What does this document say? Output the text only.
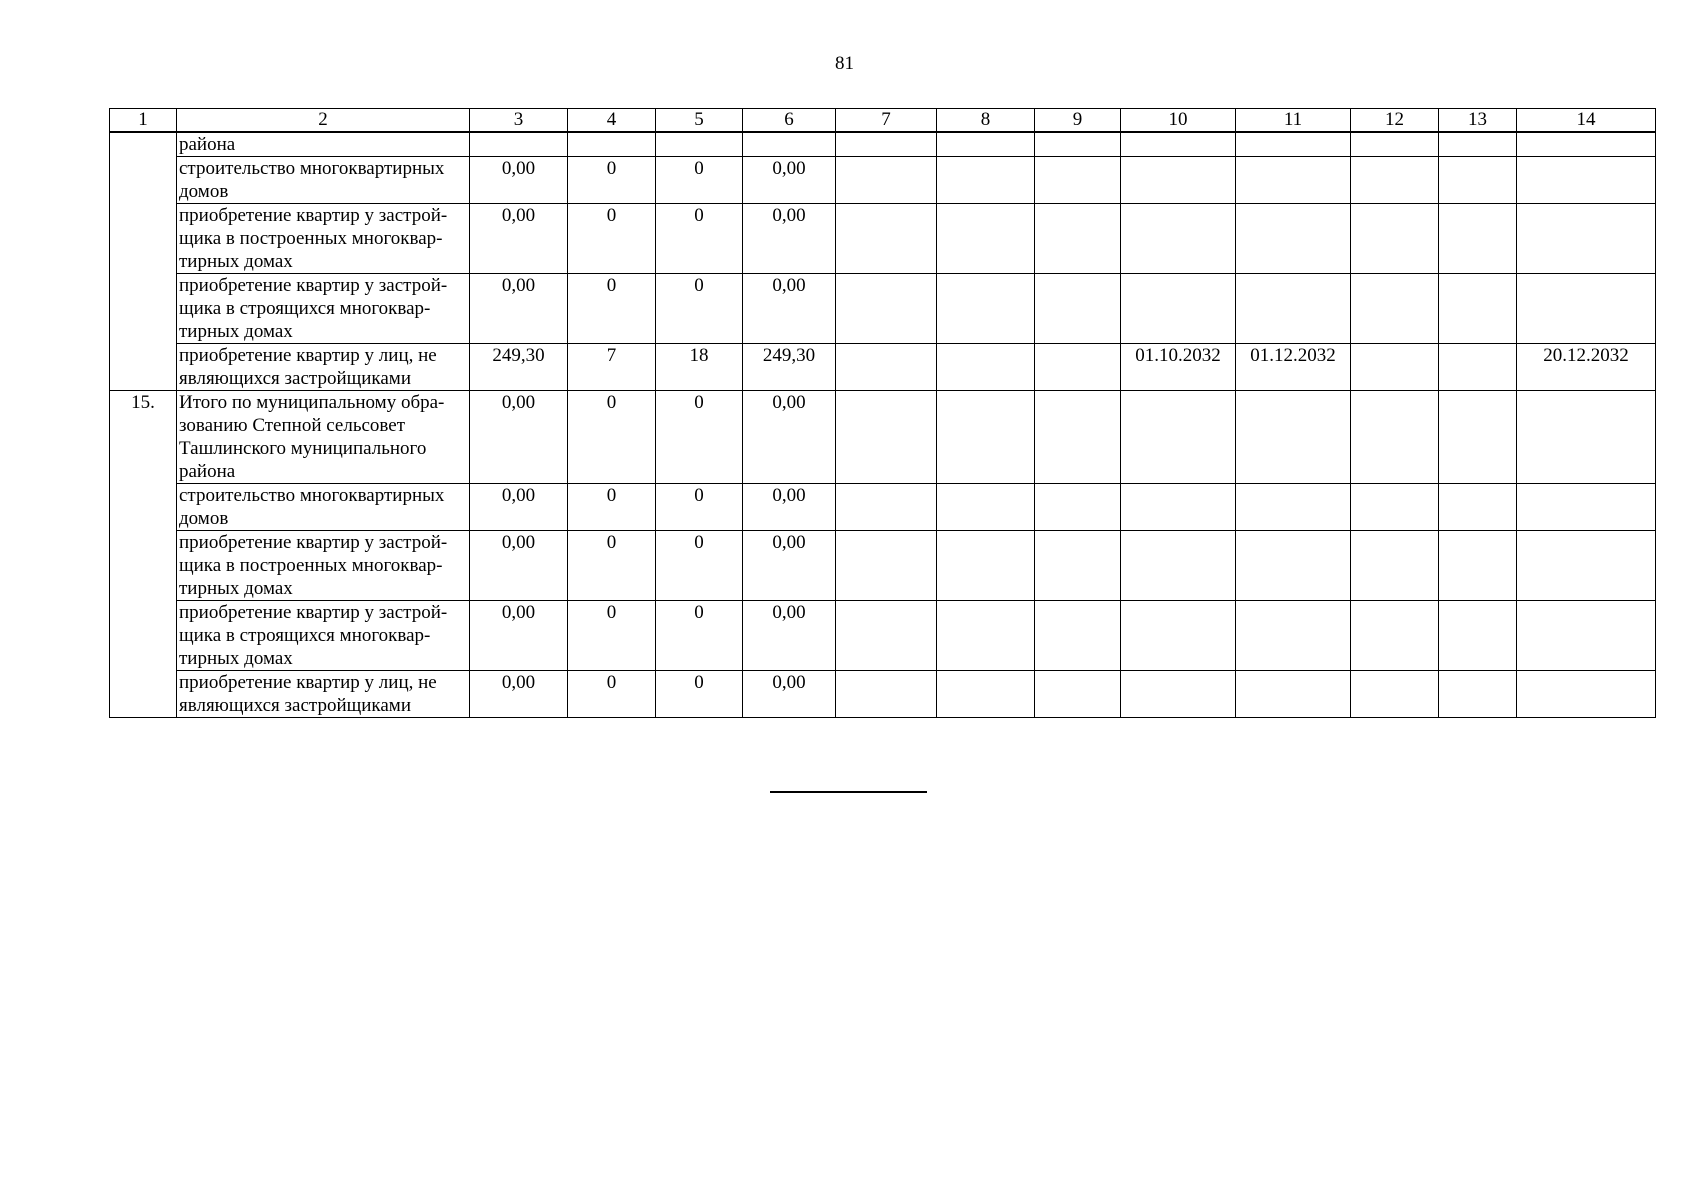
81
1	2	3	4	5	6	7	8	9	10	11	12	13	14
	района												
	строительство многоквартирных домов	0,00	0	0	0,00								
	приобретение квартир у застрой-щика в построенных многоквар-тирных домах	0,00	0	0	0,00								
	приобретение квартир у застрой-щика в строящихся многоквар-тирных домах	0,00	0	0	0,00								
	приобретение квартир у лиц, не являющихся застройщиками	249,30	7	18	249,30				01.10.2032	01.12.2032			20.12.2032
15.	Итого по муниципальному обра-зованию Степной сельсовет Ташлинского муниципального района	0,00	0	0	0,00								
	строительство многоквартирных домов	0,00	0	0	0,00								
	приобретение квартир у застрой-щика в построенных многоквар-тирных домах	0,00	0	0	0,00								
	приобретение квартир у застрой-щика в строящихся многоквар-тирных домах	0,00	0	0	0,00								
	приобретение квартир у лиц, не являющихся застройщиками	0,00	0	0	0,00								
